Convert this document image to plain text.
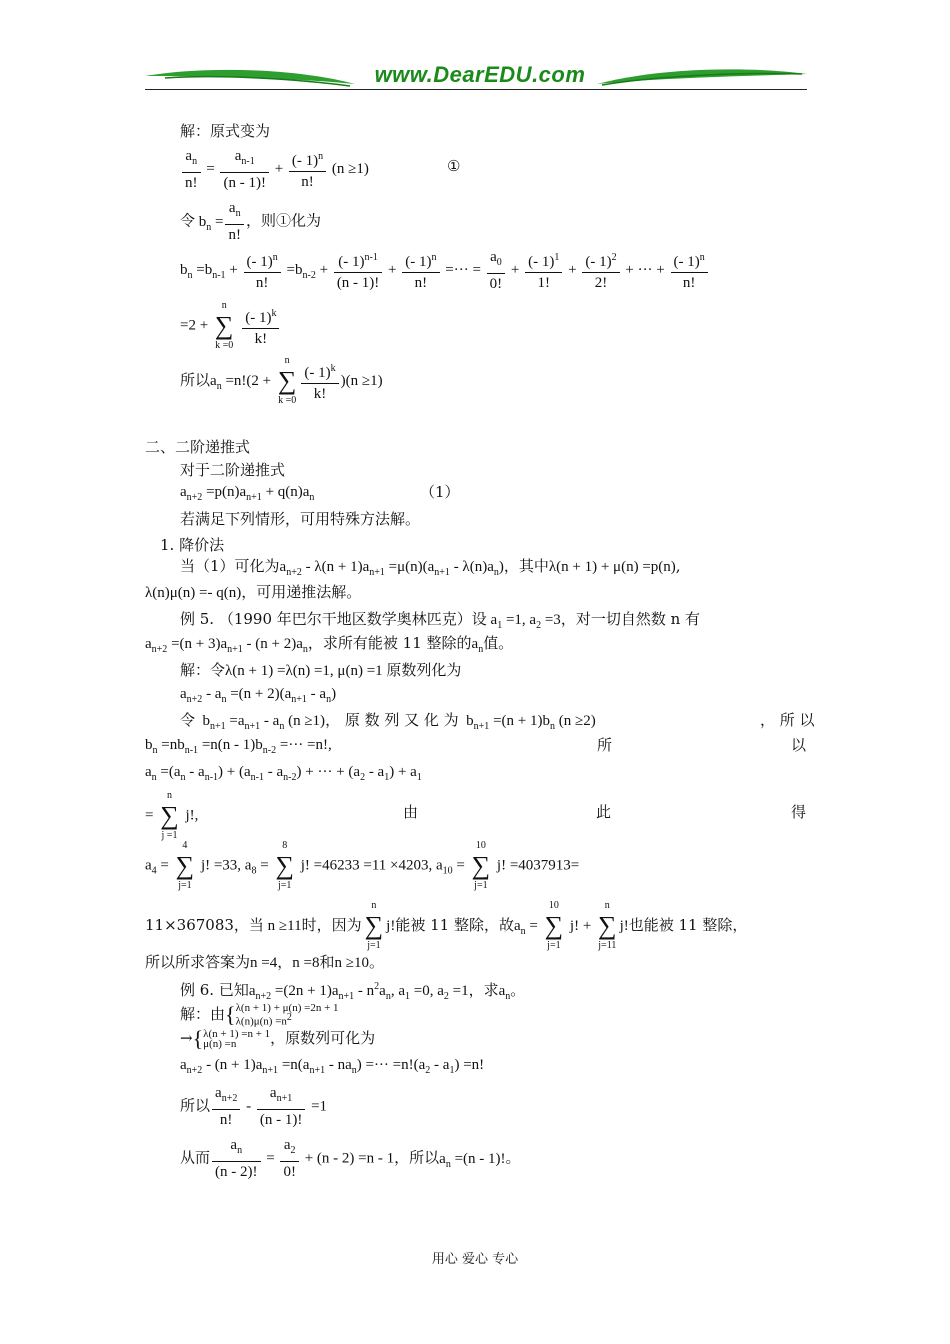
www.DearEDU.com
解：原式变为
$\frac{a_n}{n!} = \frac{a_{n-1}}{(n - 1)!} + \frac{(- 1)^n}{n!} (n \ge 1)$	①
令 $b_n = \frac{a_n}{n!}$ ，则①化为
$b_n =b_{n-1} + \frac{(- 1)^n}{n!} =b_{n-2} + \frac{(- 1)^{n-1}}{(n - 1)!} + \frac{(- 1)^n}{n!}$ =··· = $\frac{a_0}{0!} + \frac{(- 1)^1}{1!} + \frac{(- 1)^2}{2!}$ + ··· + $\frac{(- 1)^n}{n!}$
=2 +
n
∑
k =0
$\frac{(- 1)^k}{k!}$
所以$a_n =n!(2$ +
n
∑
$k =0 \frac{(- 1)^k}{k!} )(n \ge 1)$
二、二阶递推式
对于二阶递推式
$a_{n+2} =p(n)a_{n+1} + q(n)a_n$	（1）
若满足下列情形，可用特殊方法解。
1. 降价法
当（1）可化为$a_{n+2} - \lambda(n + 1)a_{n+1} =\mu(n)(a_{n+1} - \lambda(n)a_n)$，其中λ(n + 1) + μ(n) =p(n),
λ(n)μ(n) =- q(n)，可用递推法解。
例 5. （1990 年巴尔干地区数学奥林匹克）设 $a_1 =1$, $a_2 =3$，对一切自然数 n 有
$a_{n+2} =(n + 3)a_{n+1} - (n + 2)a_n$，求所有能被 11 整除的$a_n$值。
解：令λ(n + 1) =λ(n) =1, μ(n) =1 原数列化为
$a_{n+2} - a_n =(n + 2)(a_{n+1} - a_n)$
令  $b_{n+1} =a_{n+1} - a_n$ (n ≥1)， 原 数 列 又 化 为  $b_{n+1} =(n + 1)b_n$ (n ≥2)	， 所 以
$b_n =nb_{n-1} =n(n - 1)b_{n-2}$ =··· =n!,	所	以
$a_n =(a_n - a_{n-1}) + (a_{n-1} - a_{n-2})$ + ··· + $(a_2 - a_1) + a_1$
=
n
∑
j =1
j!,	由	此	得
$a_4$ =
4
∑
j=1
j! =33, $a_8$ =
8
∑
j=1
j! =46233 =11 ×4203, $a_{10}$ =
10
∑
j=1
j! =4037913=
11×367083，当 n ≥11时，因为
n
∑
j=1
j!能被 11 整除，故$a_n$ =
10
∑
j=1
j! +
n
∑
j=11
j!也能被 11 整除，
所以所求答案为n =4，n =8和n ≥10。
例 6. 已知$a_{n+2} =(2n + 1)a_{n+1} - n^2a_n$, $a_1 =0$, $a_2 =1$，求$a_n$。
解：由{λ(n + 1) + μ(n) =2n + 1
$\lambda(n)\mu(n) =n^2$
→{λ(n + 1) =n + 1
μ(n) =n ，原数列可化为
$a_{n+2} - (n + 1)a_{n+1} =n(a_{n+1} - na_n)$ =··· $=n!(a_2 - a_1) =n$!
所以 $\frac{a_{n+2}}{n!} - \frac{a_{n+1}}{(n - 1)!} =1$
从而 $\frac{a_n}{(n - 2)!} = \frac{a_2}{0!} + (n - 2) =n - 1$，所以$a_n =(n - 1)$!。
用心 爱心 专心
